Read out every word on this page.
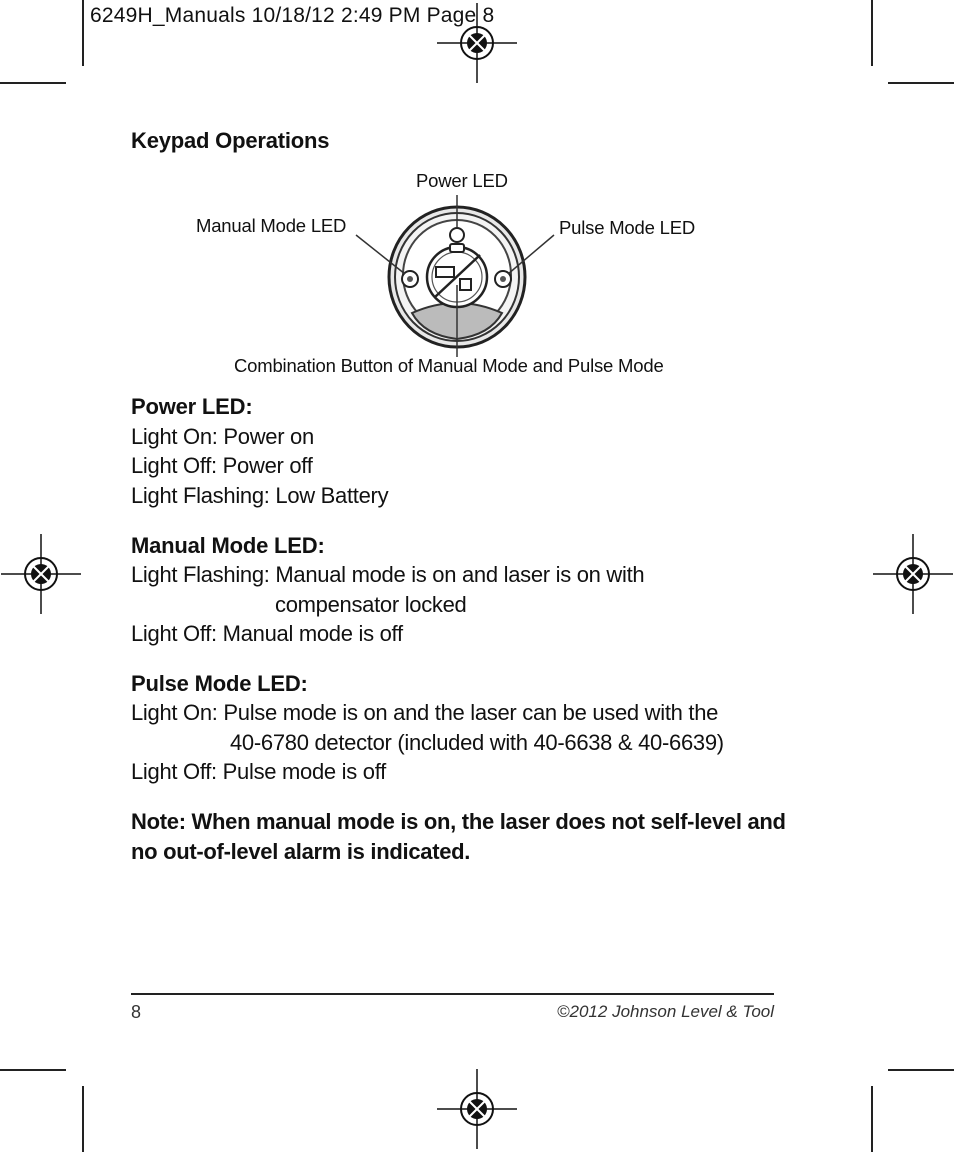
6249H_Manuals 10/18/12 2:49 PM Page 8
Keypad Operations
Power LED
Manual Mode LED	Pulse Mode LED
Combination Button of Manual Mode and Pulse Mode
Power LED:
Light On: Power on
Light Off: Power off
Light Flashing: Low Battery
Manual Mode LED:
Light Flashing: Manual mode is on and laser is on with
compensator locked
Light Off: Manual mode is off
Pulse Mode LED:
Light On: Pulse mode is on and the laser can be used with the
40-6780 detector (included with 40-6638 & 40-6639)
Light Off: Pulse mode is off
Note: When manual mode is on, the laser does not self-level and
no out-of-level alarm is indicated.
8	©2012 Johnson Level & Tool
